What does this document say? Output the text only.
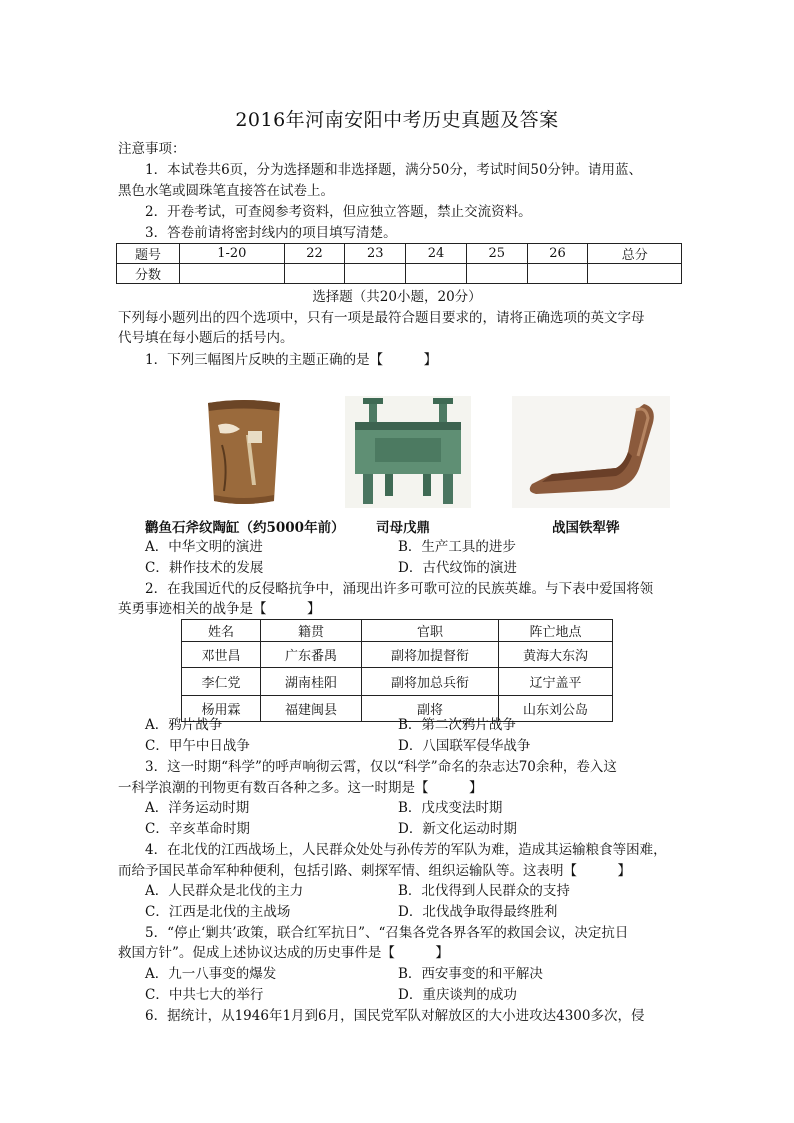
2016年河南安阳中考历史真题及答案
注意事项：
1．本试卷共6页，分为选择题和非选择题，满分50分，考试时间50分钟。请用蓝、
黑色水笔或圆珠笔直接答在试卷上。
2．开卷考试，可查阅参考资料，但应独立答题，禁止交流资料。
3．答卷前请将密封线内的项目填写清楚。
题号	1-20	22	23	24	25	26	总分
分数							
选择题（共20小题，20分）
下列每小题列出的四个选项中，只有一项是最符合题目要求的，请将正确选项的英文字母
代号填在每小题后的括号内。
1．下列三幅图片反映的主题正确的是【　　　】
鹳鱼石斧纹陶缸（约5000年前） 司母戊鼎	战国铁犁铧
A．中华文明的演进	B．生产工具的进步
C．耕作技术的发展	D．古代纹饰的演进
2．在我国近代的反侵略抗争中，涌现出许多可歌可泣的民族英雄。与下表中爱国将领
英勇事迹相关的战争是【　　　】
姓名	籍贯	官职	阵亡地点
邓世昌	广东番禺	副将加提督衔	黄海大东沟
李仁党	湖南桂阳	副将加总兵衔	辽宁盖平
杨用霖	福建闽县	副将	山东刘公岛
A．鸦片战争	B．第二次鸦片战争
C．甲午中日战争	D．八国联军侵华战争
3．这一时期“科学”的呼声响彻云霄，仅以“科学”命名的杂志达70余种，卷入这
一科学浪潮的刊物更有数百各种之多。这一时期是【　　　】
A．洋务运动时期	B．戊戌变法时期
C．辛亥革命时期	D．新文化运动时期
4．在北伐的江西战场上，人民群众处处与孙传芳的军队为难，造成其运输粮食等困难，
而给予国民革命军种种便利，包括引路、刺探军情、组织运输队等。这表明【　　　】
A．人民群众是北伐的主力	B．北伐得到人民群众的支持
C．江西是北伐的主战场	D．北伐战争取得最终胜利
5．“停止‘剿共’政策，联合红军抗日”、“召集各党各界各军的救国会议，决定抗日
救国方针”。促成上述协议达成的历史事件是【　　　】
A．九一八事变的爆发	B．西安事变的和平解决
C．中共七大的举行	D．重庆谈判的成功
6．据统计，从1946年1月到6月，国民党军队对解放区的大小进攻达4300多次，侵
